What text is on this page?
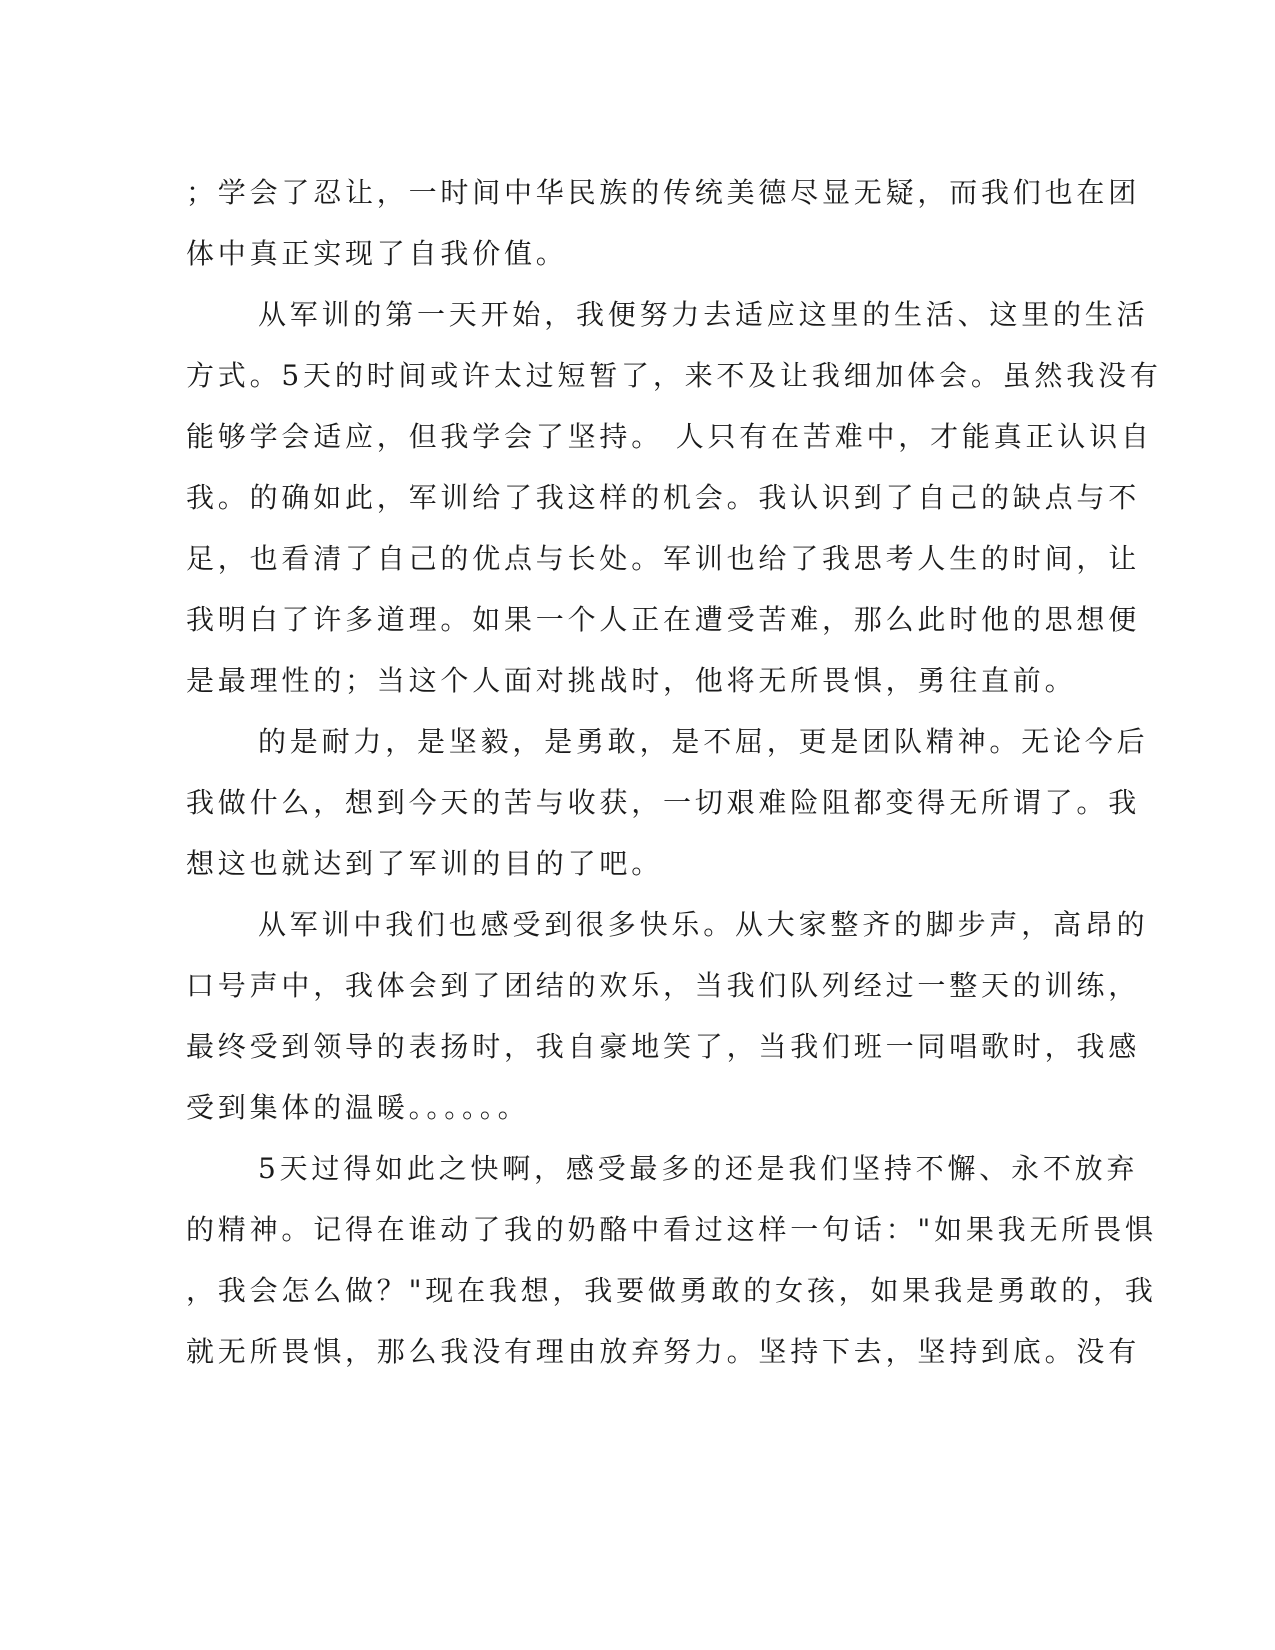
；学会了忍让，一时间中华民族的传统美德尽显无疑，而我们也在团
体中真正实现了自我价值。
从军训的第一天开始，我便努力去适应这里的生活、这里的生活
方式。5天的时间或许太过短暂了，来不及让我细加体会。虽然我没有
能够学会适应，但我学会了坚持。 人只有在苦难中，才能真正认识自
我。的确如此，军训给了我这样的机会。我认识到了自己的缺点与不
足，也看清了自己的优点与长处。军训也给了我思考人生的时间，让
我明白了许多道理。如果一个人正在遭受苦难，那么此时他的思想便
是最理性的；当这个人面对挑战时，他将无所畏惧，勇往直前。
的是耐力，是坚毅，是勇敢，是不屈，更是团队精神。无论今后
我做什么，想到今天的苦与收获，一切艰难险阻都变得无所谓了。我
想这也就达到了军训的目的了吧。
从军训中我们也感受到很多快乐。从大家整齐的脚步声，高昂的
口号声中，我体会到了团结的欢乐，当我们队列经过一整天的训练，
最终受到领导的表扬时，我自豪地笑了，当我们班一同唱歌时，我感
受到集体的温暖。。。。。。
5天过得如此之快啊，感受最多的还是我们坚持不懈、永不放弃
的精神。记得在谁动了我的奶酪中看过这样一句话："如果我无所畏惧
，我会怎么做？"现在我想，我要做勇敢的女孩，如果我是勇敢的，我
就无所畏惧，那么我没有理由放弃努力。坚持下去，坚持到底。没有
